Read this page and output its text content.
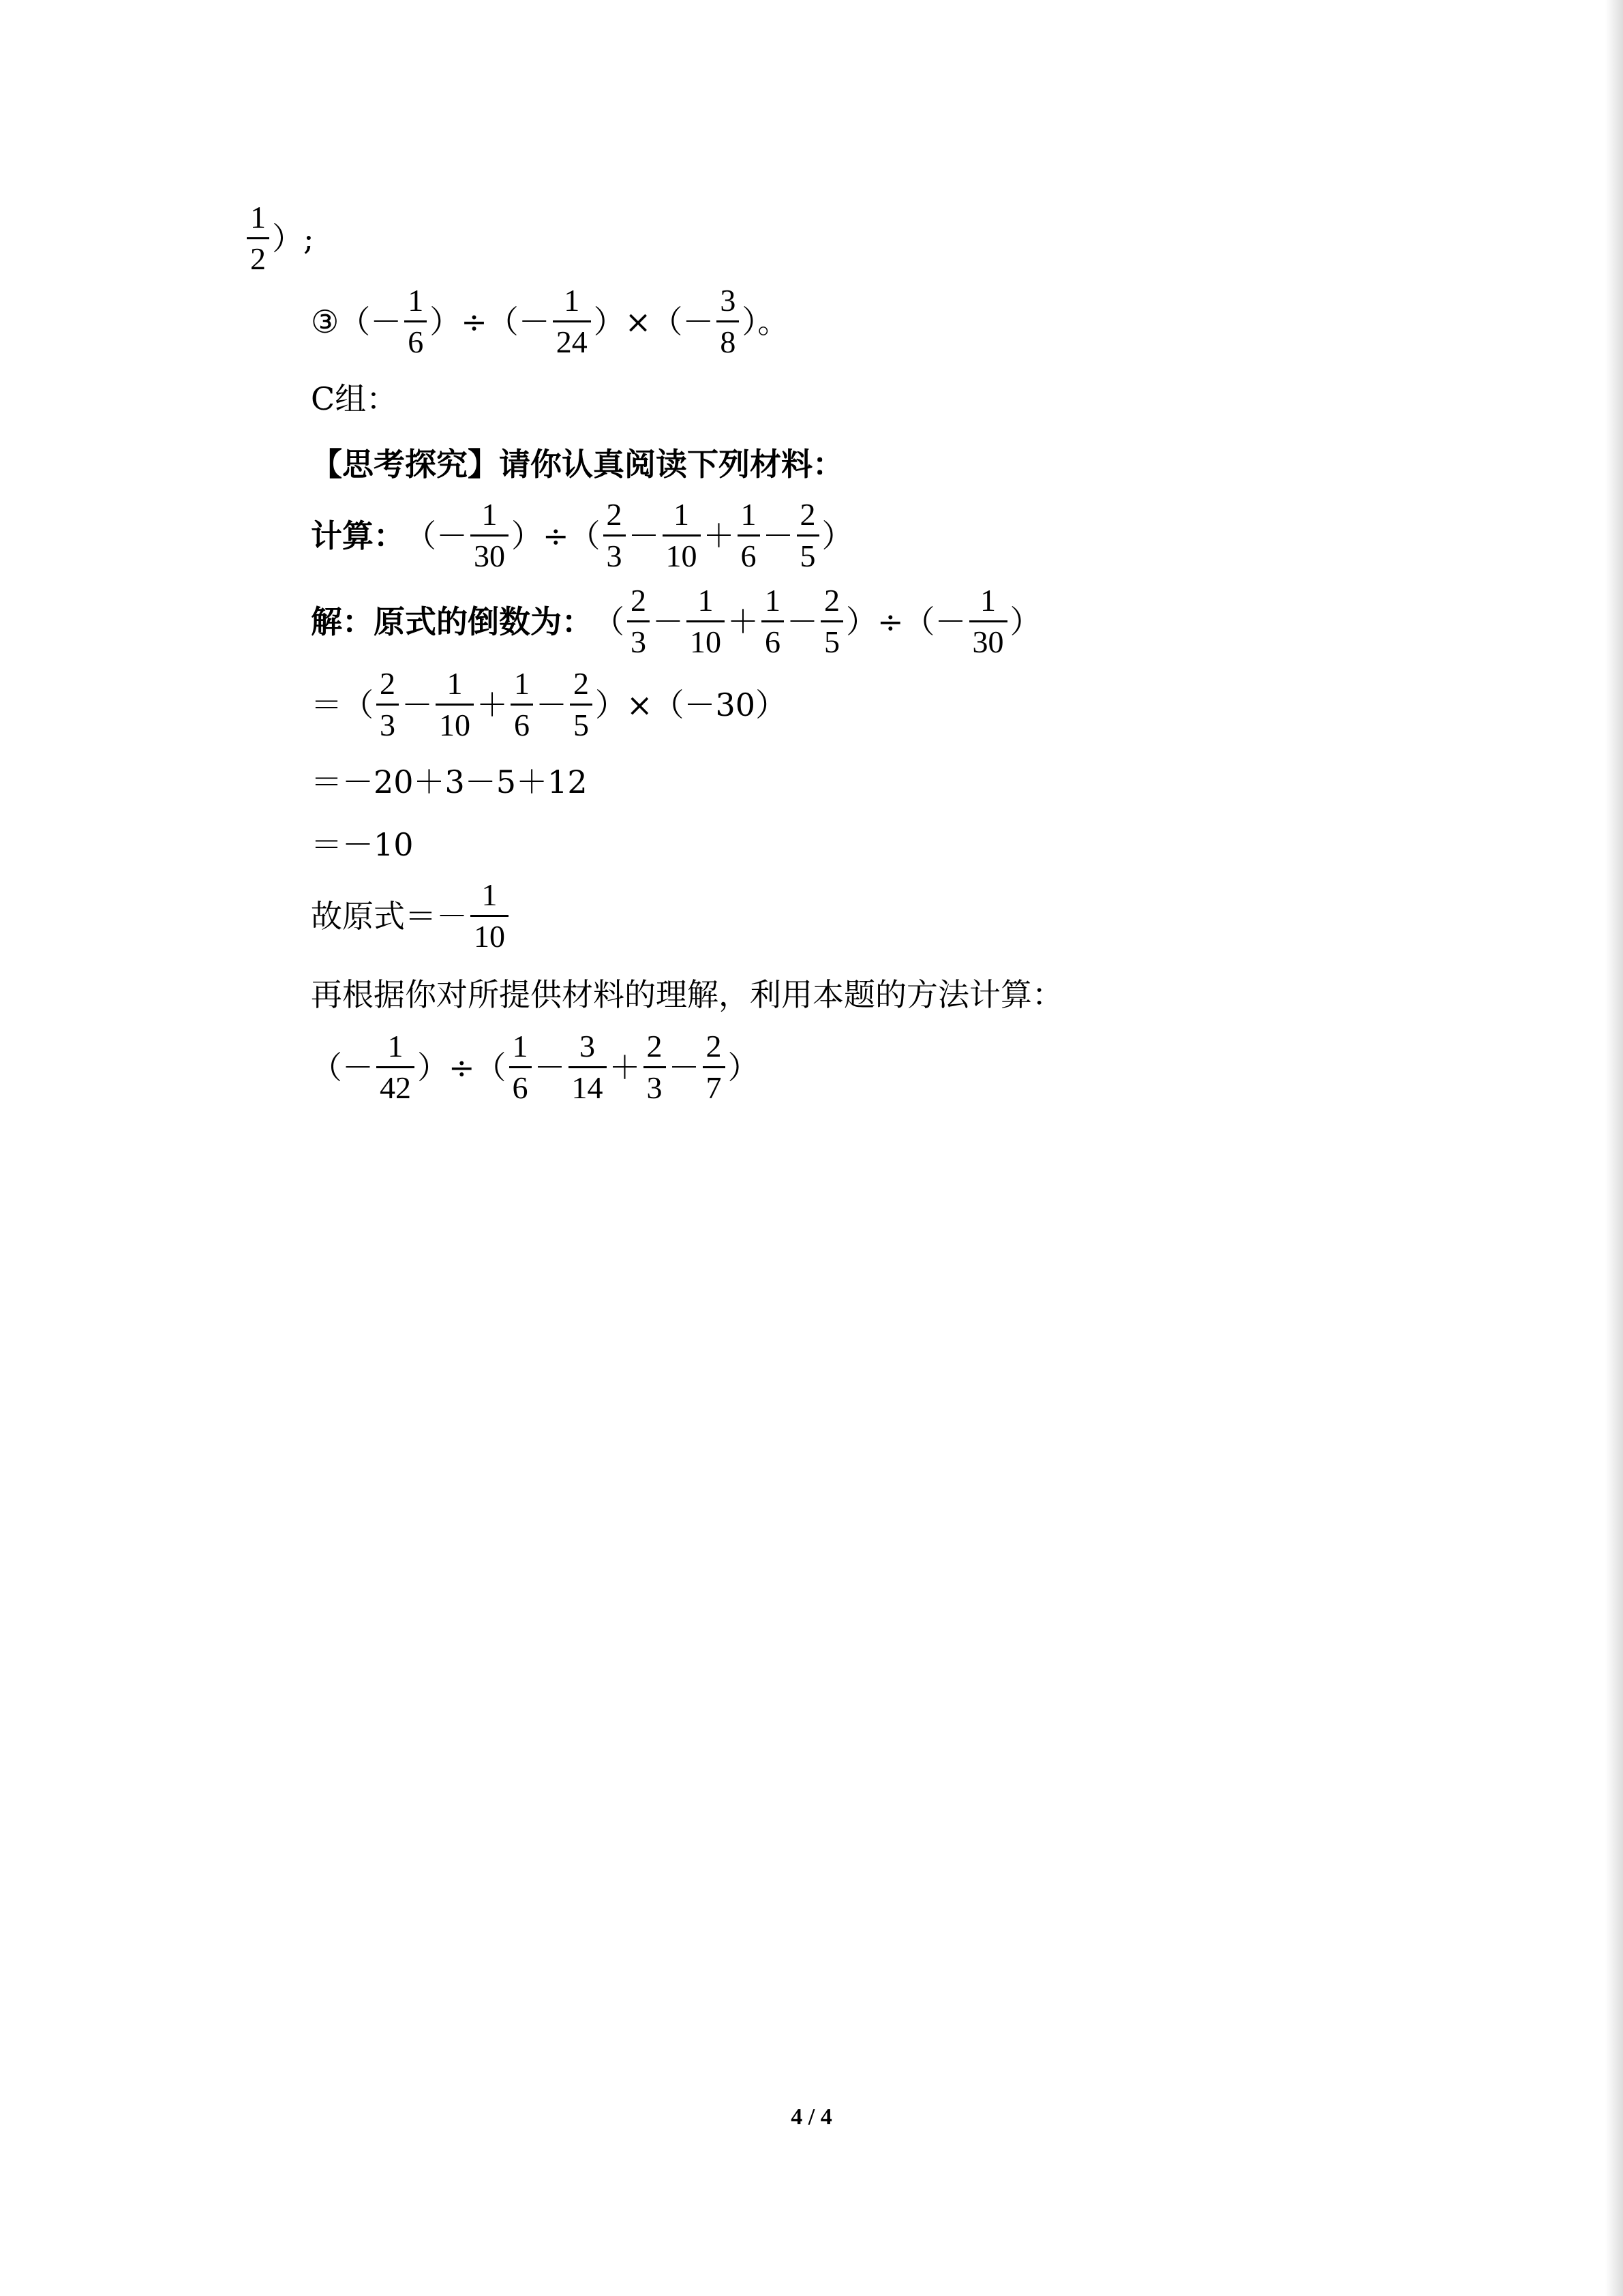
$\frac{1}{2}$ ）;
③ （－ $\frac{1}{6}$ ）÷（－ $\frac{1}{24}$ ）×（－ $\frac{3}{8}$ ）。
C组：
【思考探究】 请你认真阅读下列材料：
计算： （－ $\frac{1}{30}$ ）÷（ $\frac{2}{3} - \frac{1}{10} + \frac{1}{6} - \frac{2}{5}$ ）
解：原式的倒数为： （ $\frac{2}{3} - \frac{1}{10} + \frac{1}{6} - \frac{2}{5}$ ）÷（－ $\frac{1}{30}$ ）
＝（ $\frac{2}{3} - \frac{1}{10} + \frac{1}{6} - \frac{2}{5} )\times(-30)$
＝－20＋3－5＋12
＝－10
故原式＝－ $\frac{1}{10}$
再根据你对所提供材料的理解，利用本题的方法计算：
（－ $\frac{1}{42}$ ）÷（ $\frac{1}{6} - \frac{3}{14} + \frac{2}{3} - \frac{2}{7}$ ）
4 / 4
